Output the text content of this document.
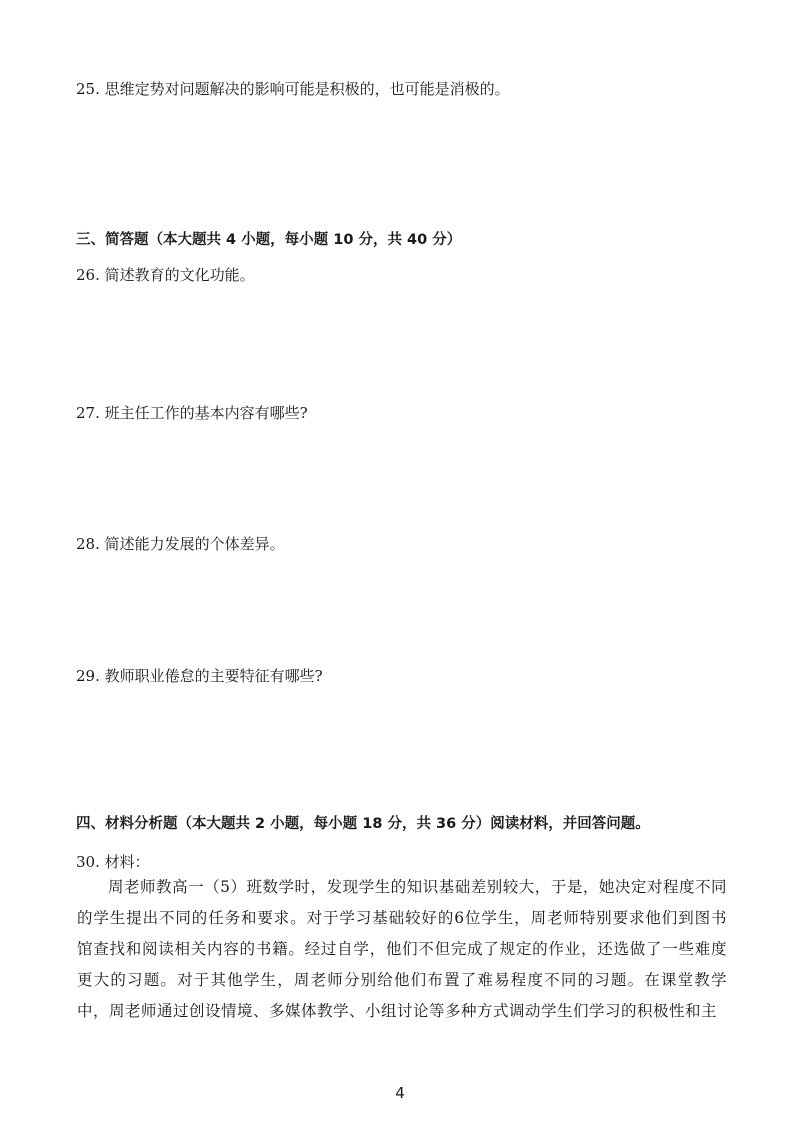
25. 思维定势对问题解决的影响可能是积极的，也可能是消极的。
三、简答题（本大题共 4 小题，每小题 10 分，共 40 分）
26. 简述教育的文化功能。
27. 班主任工作的基本内容有哪些?
28. 简述能力发展的个体差异。
29. 教师职业倦怠的主要特征有哪些?
四、材料分析题（本大题共 2 小题，每小题 18 分，共 36 分）阅读材料，并回答问题。
30. 材料：
周老师教高一（5）班数学时，发现学生的知识基础差别较大，于是，她决定对程度不同的学生提出不同的任务和要求。对于学习基础较好的6位学生，周老师特别要求他们到图书馆查找和阅读相关内容的书籍。经过自学，他们不但完成了规定的作业，还选做了一些难度更大的习题。对于其他学生，周老师分别给他们布置了难易程度不同的习题。在课堂教学中，周老师通过创设情境、多媒体教学、小组讨论等多种方式调动学生们学习的积极性和主
4
